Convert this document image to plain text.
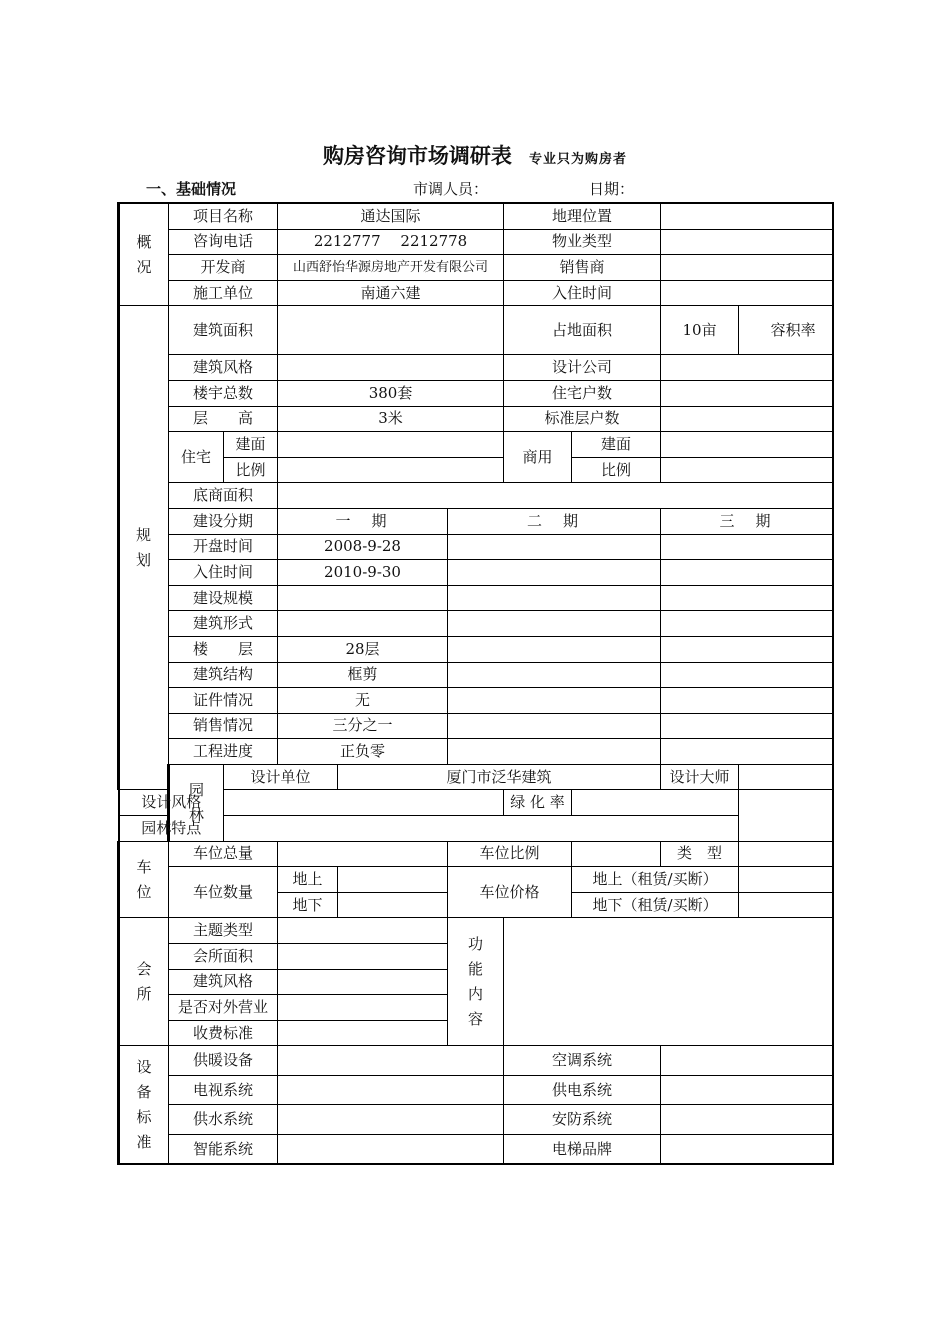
购房咨询市场调研表 专业只为购房者
一、基础情况	市调人员：	日期：
概况	项目名称		通达国际			地理位置				
	咨询电话		2212777　 2212778			物业类型				
	开发商		山西舒怡华源房地产开发有限公司			销售商				
	施工单位		南通六建			入住时间				

规划	建筑面积					占地面积		10亩	容积率	

	建筑风格					设计公司				
	楼宇总数		380套			住宅户数				
	层　　高		3米			标准层户数				
	住宅	建面				商用	建面			
		比例					比例			
	底商面积									
	建设分期		一　期		二　期			三　期		
	开盘时间		2008-9-28							
	入住时间		2010-9-30							
	建设规模									
	建筑形式									
	楼　　层		28层							
	建筑结构		框剪							
	证件情况		无							
	销售情况		三分之一							
	工程进度		正负零							

	园林	设计单位		厦门市泛华建筑				设计大师		
设计风格						绿 化 率				
园林特点										

车位	车位总量				车位比例			类　型		
	车位数量		地上		车位价格		地上（租赁/买断）			
			地下				地下（租赁/买断）			

会所	主题类型				功能内容					

	会所面积									
	建筑风格									
	是否对外营业									
	收费标准									

设备标准	供暖设备					空调系统				
	电视系统					供电系统				
	供水系统					安防系统				
	智能系统					电梯品牌				
